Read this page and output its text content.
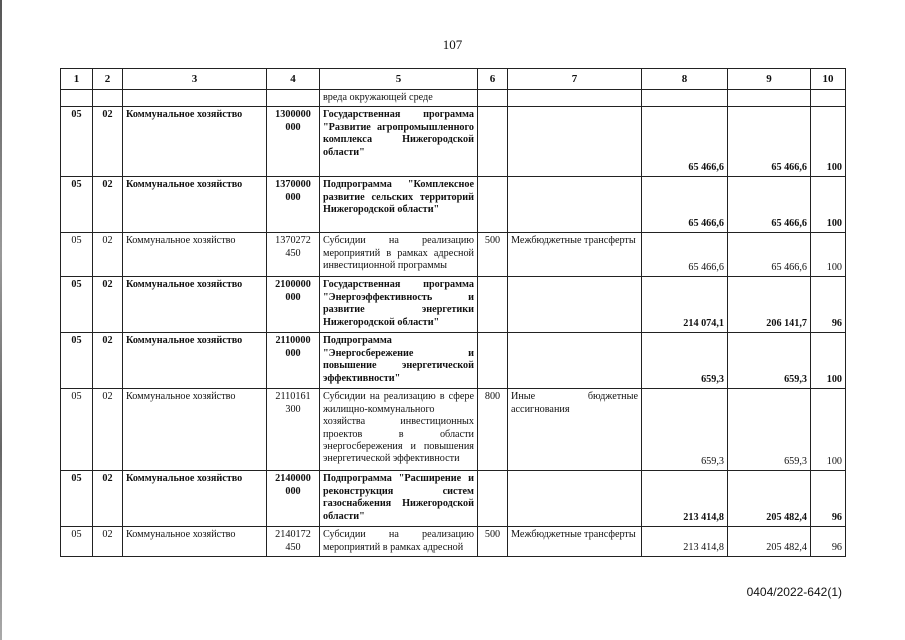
107
1	2	3	4	5	6	7	8	9	10
				вреда окружающей среде					
05	02	Коммунальное хозяйство	1300000 000	Государственная программа "Развитие агропромышленного комплекса Нижегородской области"			65 466,6	65 466,6	100
05	02	Коммунальное хозяйство	1370000 000	Подпрограмма "Комплексное развитие сельских территорий Нижегородской области"			65 466,6	65 466,6	100
05	02	Коммунальное хозяйство	1370272 450	Субсидии на реализацию мероприятий в рамках адресной инвестиционной программы	500	Межбюджетные трансферты	65 466,6	65 466,6	100
05	02	Коммунальное хозяйство	2100000 000	Государственная программа "Энергоэффективность и развитие энергетики Нижегородской области"			214 074,1	206 141,7	96
05	02	Коммунальное хозяйство	2110000 000	Подпрограмма "Энергосбережение и повышение энергетической эффективности"			659,3	659,3	100
05	02	Коммунальное хозяйство	2110161 300	Субсидии на реализацию в сфере жилищно-коммунального хозяйства инвестиционных проектов в области энергосбережения и повышения энергетической эффективности	800	Иные бюджетные ассигнования	659,3	659,3	100
05	02	Коммунальное хозяйство	2140000 000	Подпрограмма "Расширение и реконструкция систем газоснабжения Нижегородской области"			213 414,8	205 482,4	96
05	02	Коммунальное хозяйство	2140172 450	Субсидии на реализацию мероприятий в рамках адресной	500	Межбюджетные трансферты	213 414,8	205 482,4	96
0404/2022-642(1)
